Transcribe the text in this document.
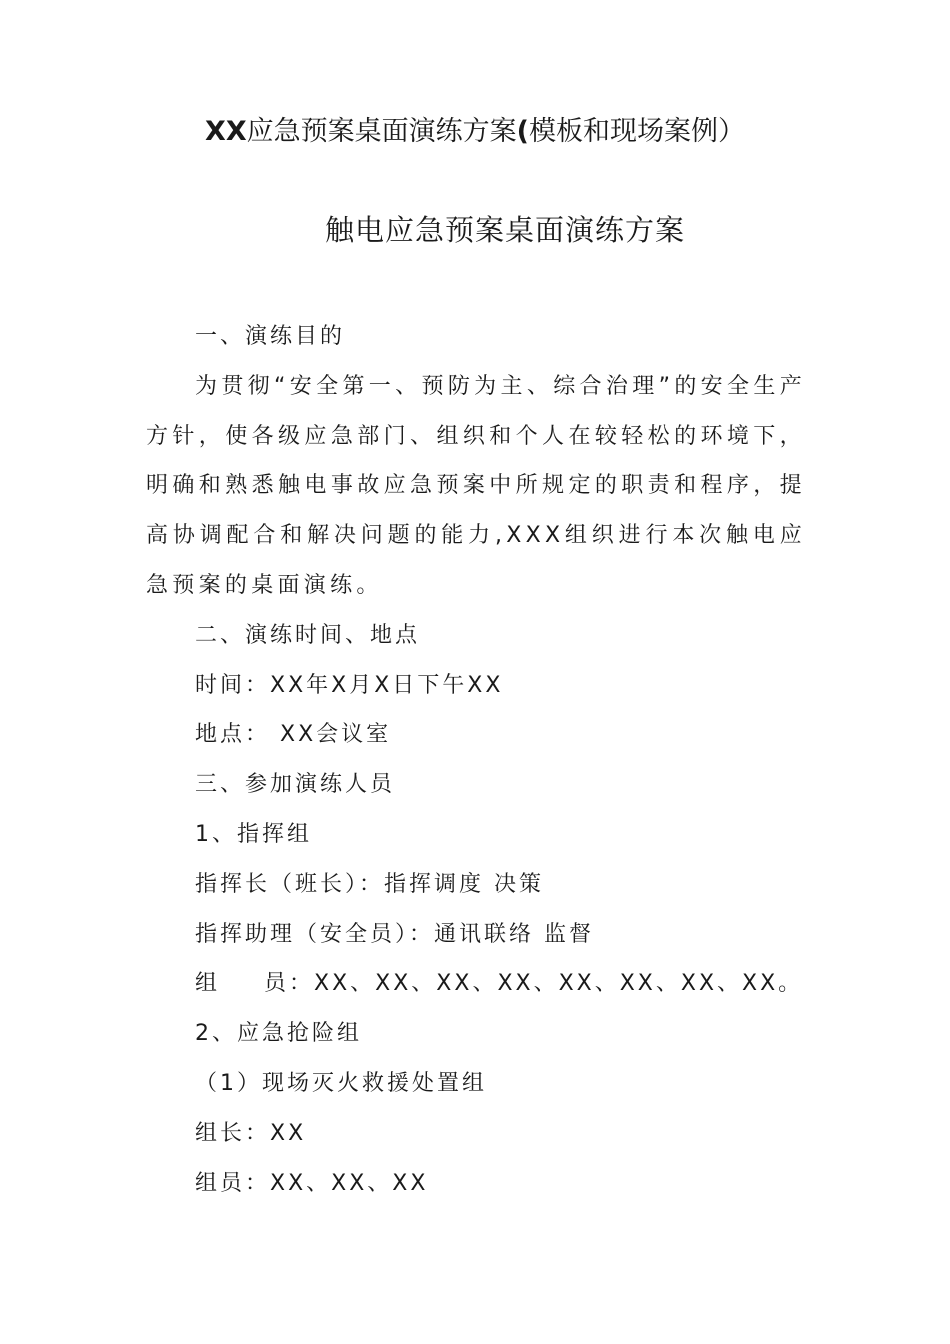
XX应急预案桌面演练方案(模板和现场案例）
触电应急预案桌面演练方案

一、演练目的

为贯彻“安全第一、预防为主、综合治理”的安全生产方针，使各级应急部门、组织和个人在较轻松的环境下，明确和熟悉触电事故应急预案中所规定的职责和程序，提高协调配合和解决问题的能力,XXX组织进行本次触电应急预案的桌面演练。

二、演练时间、地点

时间：XX年X月X日下午XX

地点： XX会议室

三、参加演练人员

1、指挥组

指挥长（班长）：指挥调度 决策

指挥助理（安全员）：通讯联络 监督

组 员：XX、XX、XX、XX、XX、XX、XX、XX。

2、应急抢险组

（1）现场灭火救援处置组

组长：XX

组员：XX、XX、XX
